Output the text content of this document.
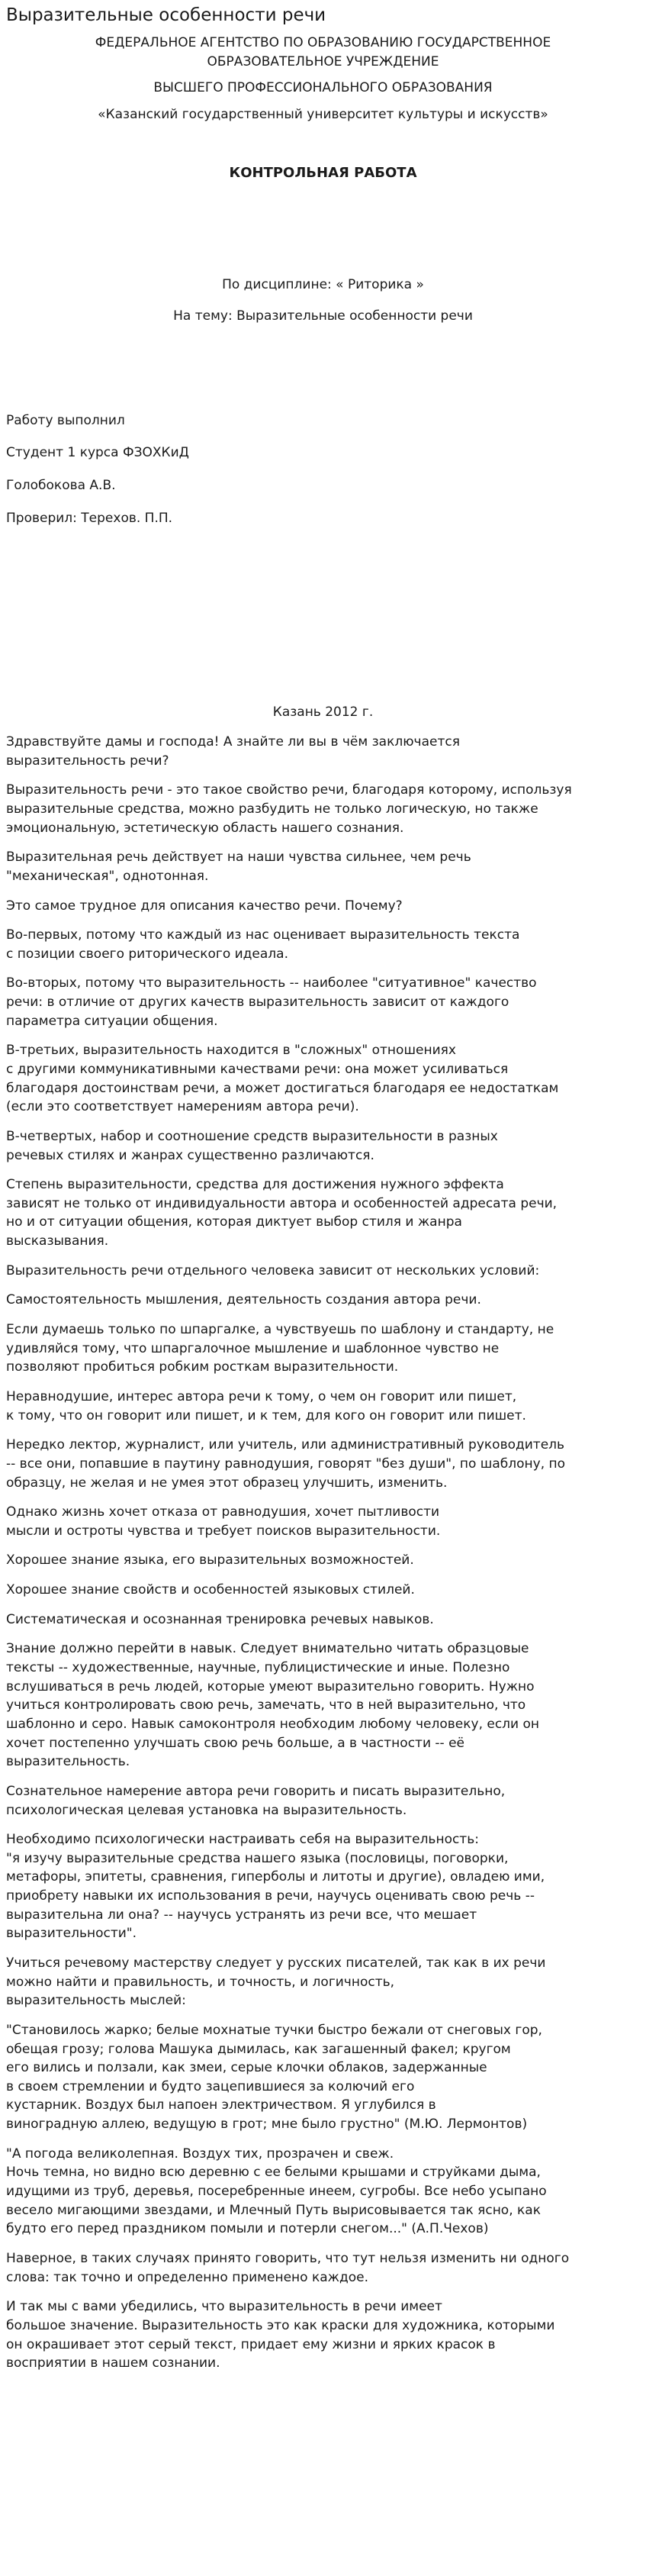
Выразительные особенности речи

ФЕДЕРАЛЬНОЕ АГЕНТСТВО ПО ОБРАЗОВАНИЮ ГОСУДАРСТВЕННОЕ

ОБРАЗОВАТЕЛЬНОЕ УЧРЕЖДЕНИЕ

ВЫСШЕГО ПРОФЕССИОНАЛЬНОГО ОБРАЗОВАНИЯ

«Казанский государственный университет культуры и искусств»

КОНТРОЛЬНАЯ РАБОТА

По дисциплине: « Риторика »

На тему: Выразительные особенности речи

Работу выполнил

Студент 1 курса ФЗОХКиД

Голобокова А.В.

Проверил: Терехов. П.П.

Казань 2012 г.

Здравствуйте дамы и господа! А знайте ли вы в чём заключается
выразительность речи?

Выразительность речи - это такое свойство речи, благодаря которому, используя
выразительные средства, можно разбудить не только логическую, но также
эмоциональную, эстетическую область нашего сознания.

Выразительная речь действует на наши чувства сильнее, чем речь
"механическая", однотонная.

Это самое трудное для описания качество речи. Почему?

Во-первых, потому что каждый из нас оценивает выразительность текста
с позиции своего риторического идеала.

Во-вторых, потому что выразительность -- наиболее "ситуативное" качество
речи: в отличие от других качеств выразительность зависит от каждого
параметра ситуации общения.

В-третьих, выразительность находится в "сложных" отношениях
с другими коммуникативными качествами речи: она может усиливаться
благодаря достоинствам речи, а может достигаться благодаря ее недостаткам
(если это соответствует намерениям автора речи).

В-четвертых, набор и соотношение средств выразительности в разных
речевых стилях и жанрах существенно различаются.

Степень выразительности, средства для достижения нужного эффекта
зависят не только от индивидуальности автора и особенностей адресата речи,
но и от ситуации общения, которая диктует выбор стиля и жанра
высказывания.

Выразительность речи отдельного человека зависит от нескольких условий:

Самостоятельность мышления, деятельность создания автора речи.

Если думаешь только по шпаргалке, а чувствуешь по шаблону и стандарту, не
удивляйся тому, что шпаргалочное мышление и шаблонное чувство не
позволяют пробиться робким росткам выразительности.

Неравнодушие, интерес автора речи к тому, о чем он говорит или пишет,
к тому, что он говорит или пишет, и к тем, для кого он говорит или пишет.

Нередко лектор, журналист, или учитель, или административный руководитель
-- все они, попавшие в паутину равнодушия, говорят "без души", по шаблону, по
образцу, не желая и не умея этот образец улучшить, изменить.

Однако жизнь хочет отказа от равнодушия, хочет пытливости
мысли и остроты чувства и требует поисков выразительности.

Хорошее знание языка, его выразительных возможностей.

Хорошее знание свойств и особенностей языковых стилей.

Систематическая и осознанная тренировка речевых навыков.

Знание должно перейти в навык. Следует внимательно читать образцовые
тексты -- художественные, научные, публицистические и иные. Полезно
вслушиваться в речь людей, которые умеют выразительно говорить. Нужно
учиться контролировать свою речь, замечать, что в ней выразительно, что
шаблонно и серо. Навык самоконтроля необходим любому человеку, если он
хочет постепенно улучшать свою речь больше, а в частности -- её
выразительность.

Сознательное намерение автора речи говорить и писать выразительно,
психологическая целевая установка на выразительность.

Необходимо психологически настраивать себя на выразительность:
"я изучу выразительные средства нашего языка (пословицы, поговорки,
метафоры, эпитеты, сравнения, гиперболы и литоты и другие), овладею ими,
приобрету навыки их использования в речи, научусь оценивать свою речь --
выразительна ли она? -- научусь устранять из речи все, что мешает
выразительности".

Учиться речевому мастерству следует у русских писателей, так как в их речи
можно найти и правильность, и точность, и логичность,
выразительность мыслей:

"Становилось жарко; белые мохнатые тучки быстро бежали от снеговых гор,
обещая грозу; голова Машука дымилась, как загашенный факел; кругом
его вились и ползали, как змеи, серые клочки облаков, задержанные
в своем стремлении и будто зацепившиеся за колючий его
кустарник. Воздух был напоен электричеством. Я углубился в
виноградную аллею, ведущую в грот; мне было грустно" (М.Ю. Лермонтов)

"А погода великолепная. Воздух тих, прозрачен и свеж.
Ночь темна, но видно всю деревню с ее белыми крышами и струйками дыма,
идущими из труб, деревья, посеребренные инеем, сугробы. Все небо усыпано
весело мигающими звездами, и Млечный Путь вырисовывается так ясно, как
будто его перед праздником помыли и потерли снегом..." (А.П.Чехов)

Наверное, в таких случаях принято говорить, что тут нельзя изменить ни одного
слова: так точно и определенно применено каждое.

И так мы с вами убедились, что выразительность в речи имеет
большое значение. Выразительность это как краски для художника, которыми
он окрашивает этот серый текст, придает ему жизни и ярких красок в
восприятии в нашем сознании.
